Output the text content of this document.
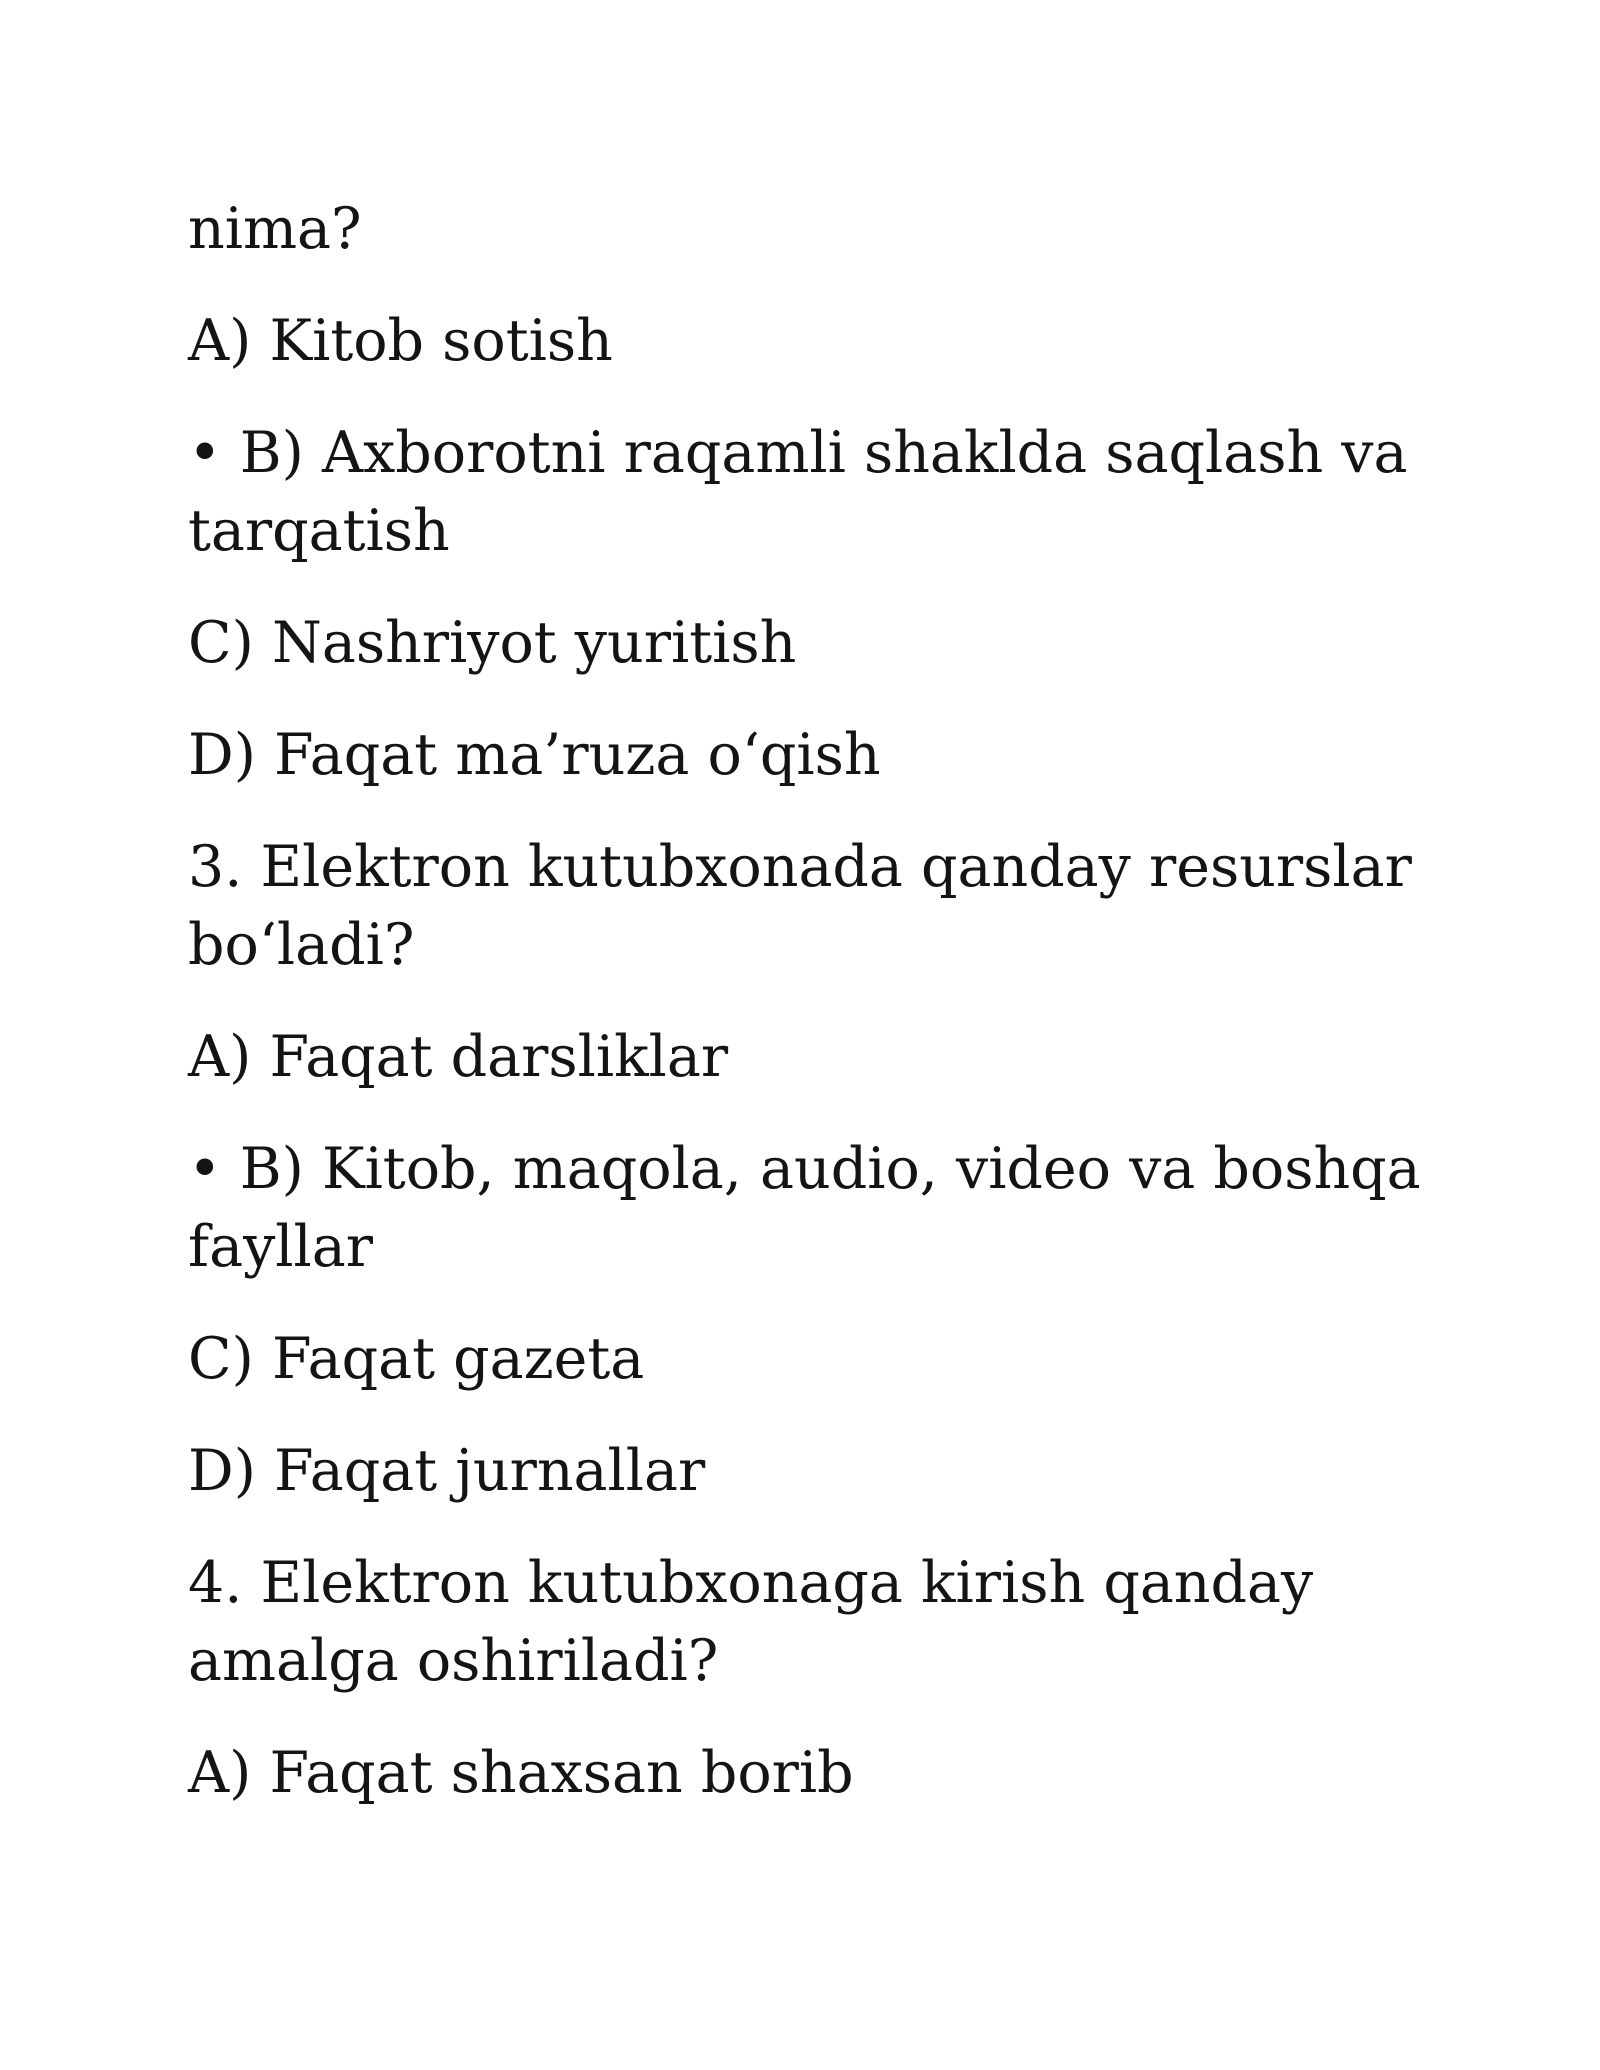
nima?

A) Kitob sotish

• B) Axborotni raqamli shaklda saqlash va tarqatish

C) Nashriyot yuritish

D) Faqat ma’ruza o‘qish

3. Elektron kutubxonada qanday resurslar bo‘ladi?

A) Faqat darsliklar

• B) Kitob, maqola, audio, video va boshqa fayllar

C) Faqat gazeta

D) Faqat jurnallar

4. Elektron kutubxonaga kirish qanday amalga oshiriladi?

A) Faqat shaxsan borib
